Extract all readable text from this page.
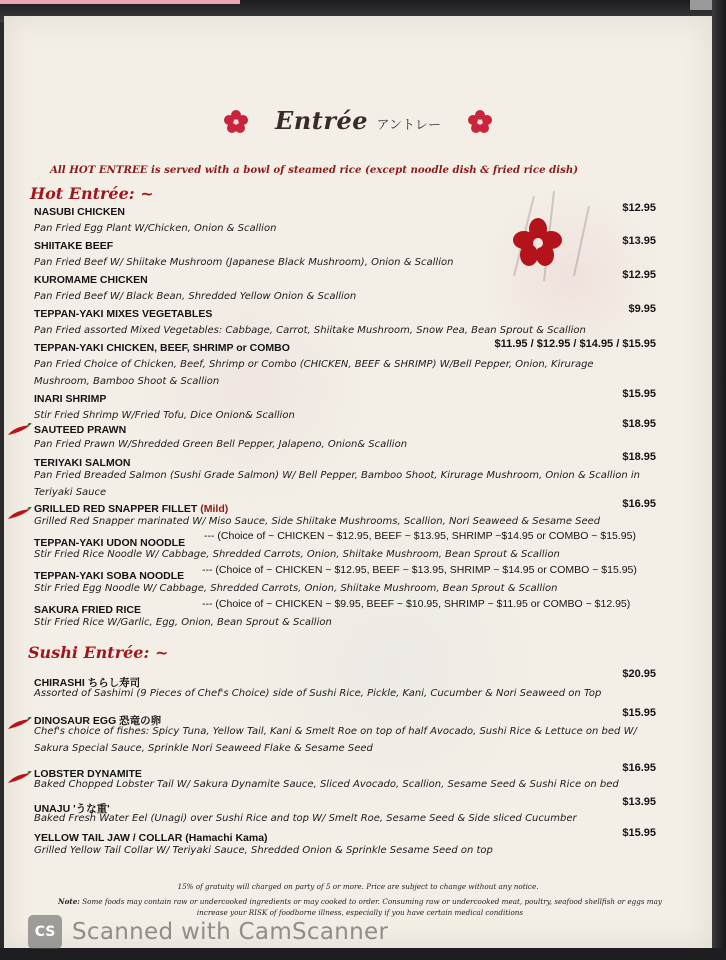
Entrée アントレー
All HOT ENTREE is served with a bowl of steamed rice (except noodle dish & fried rice dish)
Hot Entrée: ~
NASUBI CHICKEN	$12.95
Pan Fried Egg Plant W/Chicken, Onion & Scallion
SHIITAKE BEEF	$13.95
Pan Fried Beef W/ Shiitake Mushroom (Japanese Black Mushroom), Onion & Scallion
KUROMAME CHICKEN	$12.95
Pan Fried Beef W/ Black Bean, Shredded Yellow Onion & Scallion
TEPPAN-YAKI MIXES VEGETABLES	$9.95
Pan Fried assorted Mixed Vegetables: Cabbage, Carrot, Shiitake Mushroom, Snow Pea, Bean Sprout & Scallion
TEPPAN-YAKI CHICKEN, BEEF, SHRIMP or COMBO	$11.95 / $12.95 / $14.95 / $15.95
Pan Fried Choice of Chicken, Beef, Shrimp or Combo (CHICKEN, BEEF & SHRIMP) W/Bell Pepper, Onion, Kirurage
Mushroom, Bamboo Shoot & Scallion
INARI SHRIMP	$15.95
Stir Fried Shrimp W/Fried Tofu, Dice Onion& Scallion
SAUTEED PRAWN	$18.95
Pan Fried Prawn W/Shredded Green Bell Pepper, Jalapeno, Onion& Scallion
TERIYAKI SALMON	$18.95
Pan Fried Breaded Salmon (Sushi Grade Salmon) W/ Bell Pepper, Bamboo Shoot, Kirurage Mushroom, Onion & Scallion in
Teriyaki Sauce
GRILLED RED SNAPPER FILLET (Mild)	$16.95
Grilled Red Snapper marinated W/ Miso Sauce, Side Shiitake Mushrooms, Scallion, Nori Seaweed & Sesame Seed
TEPPAN-YAKI UDON NOODLE
--- (Choice of ~ CHICKEN ~ $12.95, BEEF ~ $13.95, SHRIMP ~$14.95 or COMBO ~ $15.95)
Stir Fried Rice Noodle W/ Cabbage, Shredded Carrots, Onion, Shiitake Mushroom, Bean Sprout & Scallion
TEPPAN-YAKI SOBA NOODLE --- (Choice of ~ CHICKEN ~ $12.95, BEEF ~ $13.95, SHRIMP ~ $14.95 or COMBO ~ $15.95)
Stir Fried Egg Noodle W/ Cabbage, Shredded Carrots, Onion, Shiitake Mushroom, Bean Sprout & Scallion
SAKURA FRIED RICE	--- (Choice of ~ CHICKEN ~ $9.95, BEEF ~ $10.95, SHRIMP ~ $11.95 or COMBO ~ $12.95)
Stir Fried Rice W/Garlic, Egg, Onion, Bean Sprout & Scallion
Sushi Entrée: ~
CHIRASHI ちらし寿司
$20.95
Assorted of Sashimi (9 Pieces of Chef's Choice) side of Sushi Rice, Pickle, Kani, Cucumber & Nori Seaweed on Top
DINOSAUR EGG 恐竜の卵
$15.95
Chef's choice of fishes: Spicy Tuna, Yellow Tail, Kani & Smelt Roe on top of half Avocado, Sushi Rice & Lettuce on bed W/
Sakura Special Sauce, Sprinkle Nori Seaweed Flake & Sesame Seed
LOBSTER DYNAMITE	$16.95
Baked Chopped Lobster Tail W/ Sakura Dynamite Sauce, Sliced Avocado, Scallion, Sesame Seed & Sushi Rice on bed
UNAJU 'うな重'
$13.95
Baked Fresh Water Eel (Unagi) over Sushi Rice and top W/ Smelt Roe, Sesame Seed & Side sliced Cucumber
YELLOW TAIL JAW / COLLAR (Hamachi Kama)	$15.95
Grilled Yellow Tail Collar W/ Teriyaki Sauce, Shredded Onion & Sprinkle Sesame Seed on top
15% of gratuity will charged on party of 5 or more. Price are subject to change without any notice.
Note: Some foods may contain raw or undercooked ingredients or may cooked to order. Consuming raw or undercooked meat, poultry, seafood shellfish or eggs may
increase your RISK of foodborne illness, especially if you have certain medical conditions
CS Scanned with CamScanner
